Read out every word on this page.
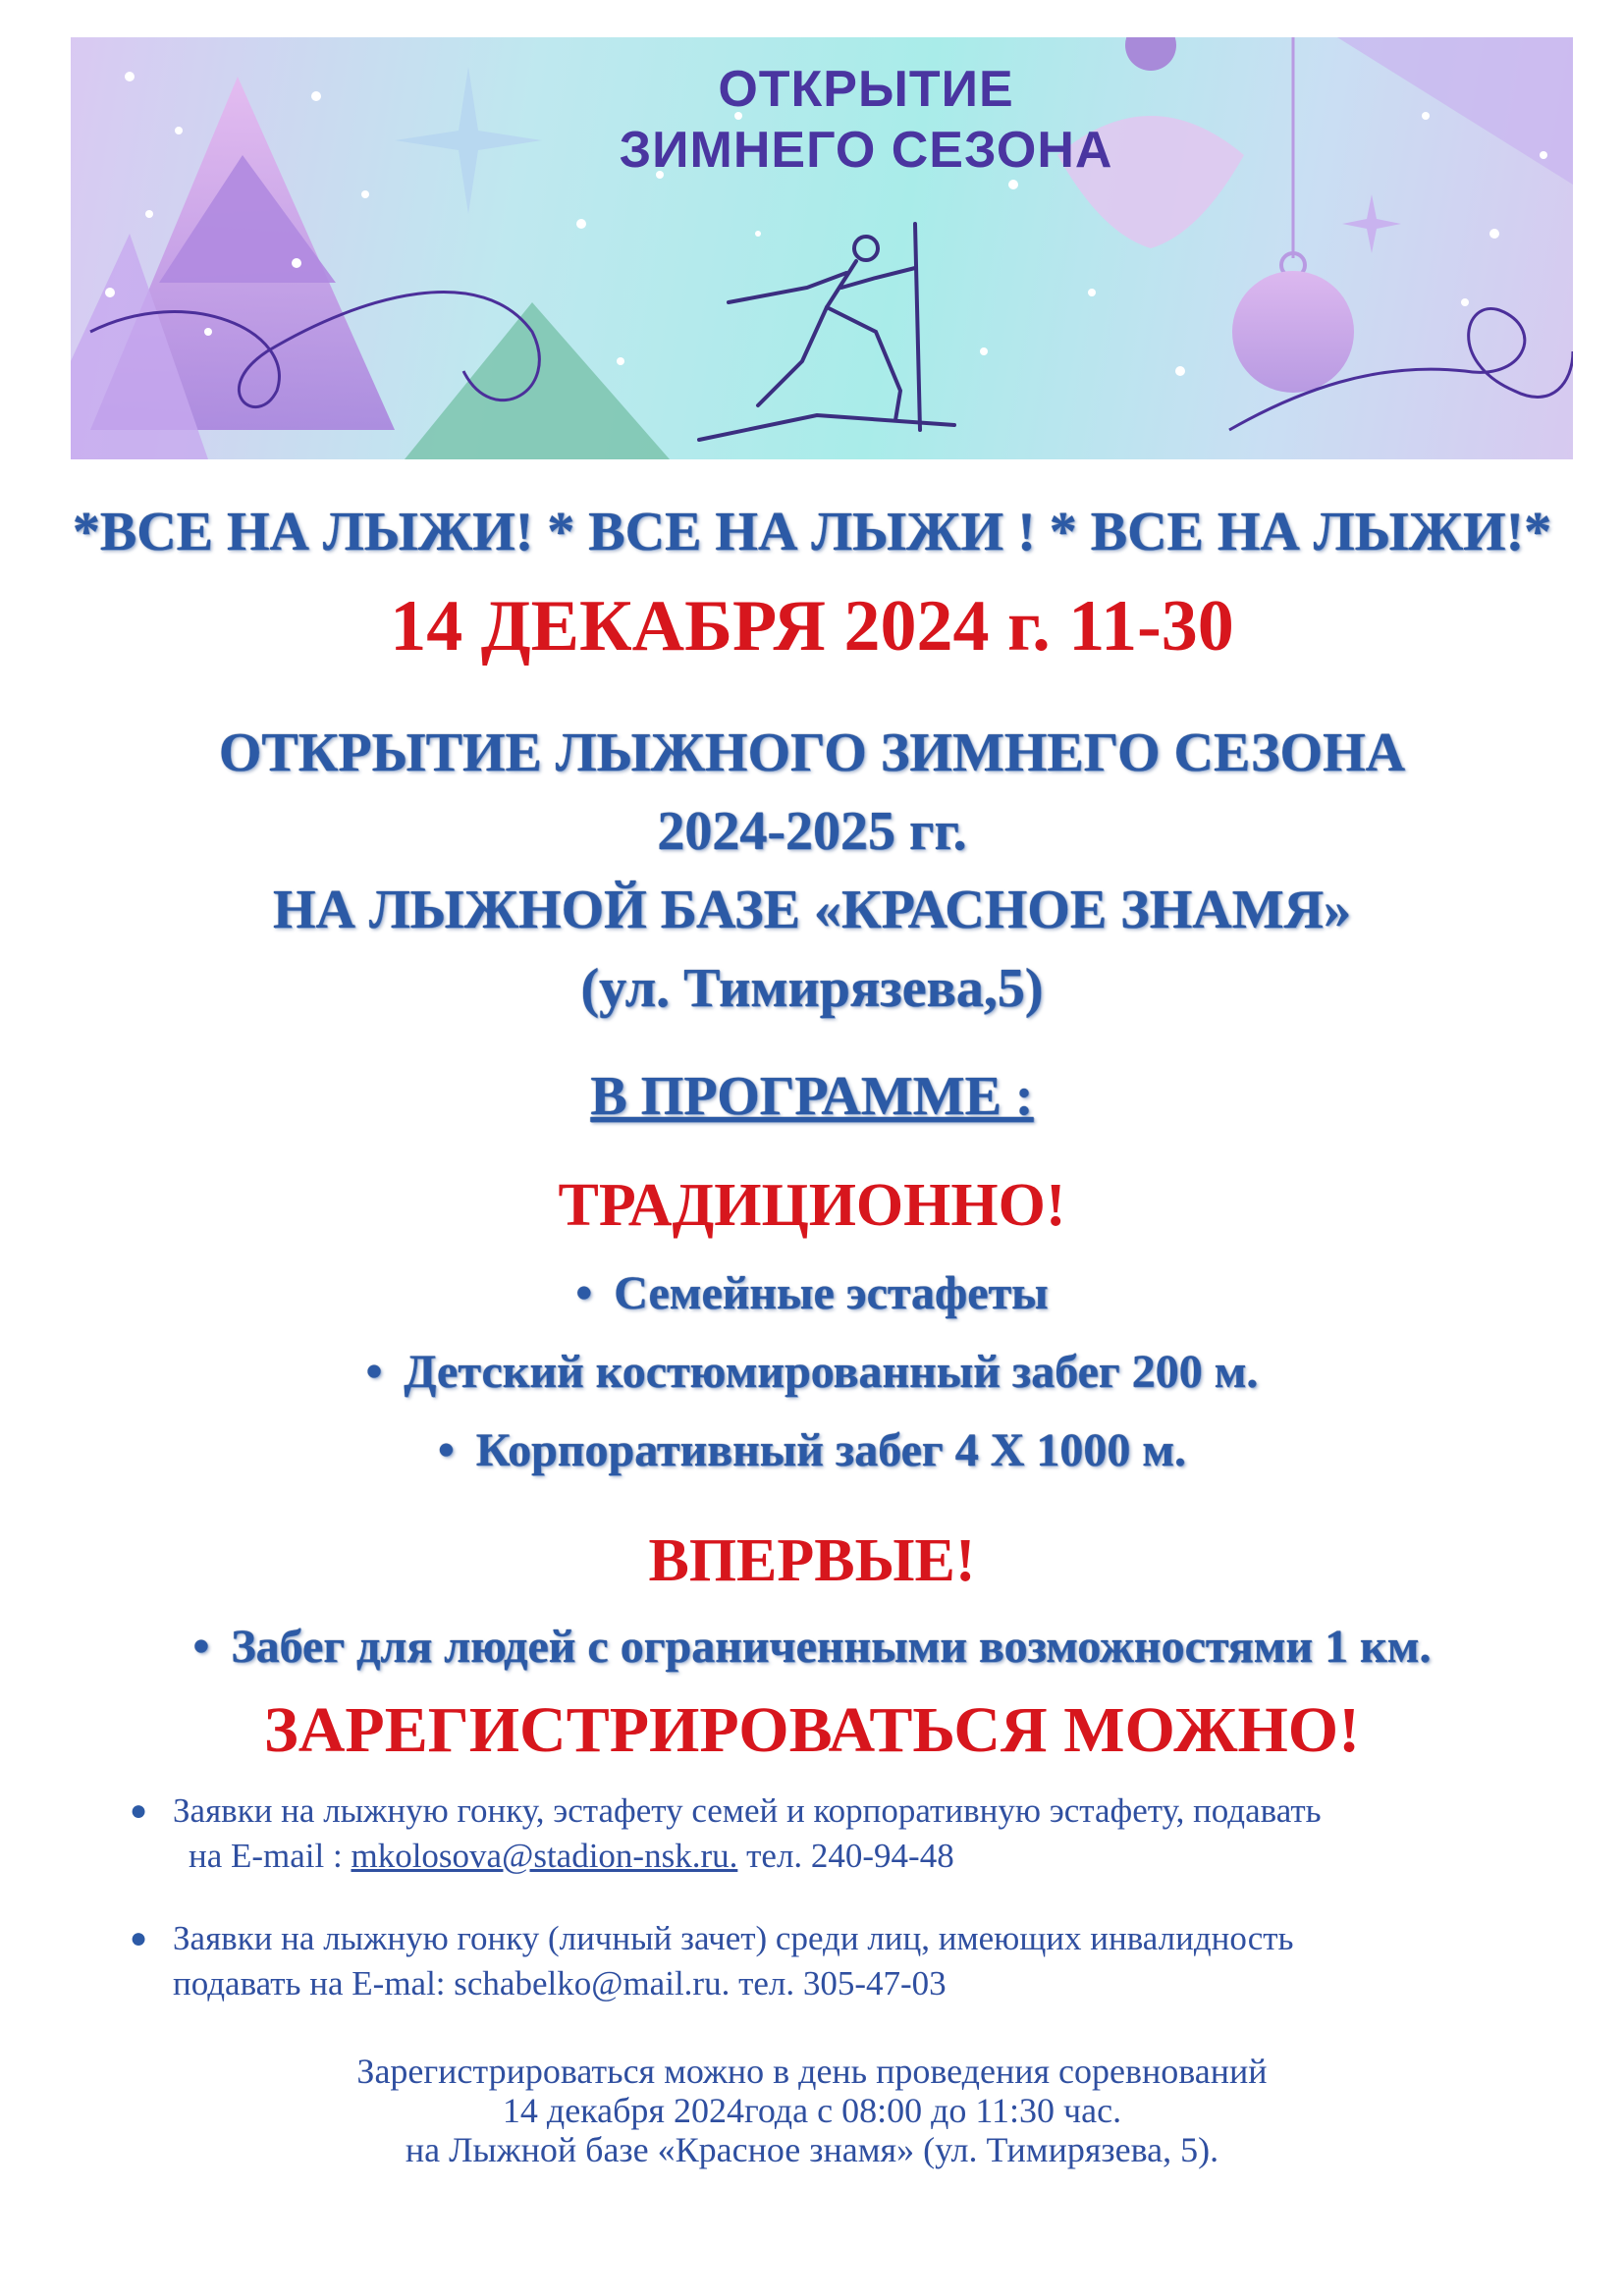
ОТКРЫТИЕ
ЗИМНЕГО СЕЗОНА
*ВСЕ НА ЛЫЖИ! * ВСЕ НА ЛЫЖИ ! * ВСЕ НА ЛЫЖИ!*
14 ДЕКАБРЯ 2024 г. 11-30
ОТКРЫТИЕ ЛЫЖНОГО ЗИМНЕГО СЕЗОНА
2024-2025 гг.
НА ЛЫЖНОЙ БАЗЕ «КРАСНОЕ ЗНАМЯ»
(ул. Тимирязева,5)
В ПРОГРАММЕ :
ТРАДИЦИОННО!
• Семейные эстафеты
• Детский костюмированный забег 200 м.
• Корпоративный забег 4 Х 1000 м.
ВПЕРВЫЕ!
• Забег для людей с ограниченными возможностями 1 км.
ЗАРЕГИСТРИРОВАТЬСЯ МОЖНО!
● Заявки на лыжную гонку, эстафету семей и корпоративную эстафету, подавать
на E-mail : mkolosova@stadion-nsk.ru. тел. 240-94-48
● Заявки на лыжную гонку (личный зачет) среди лиц, имеющих инвалидность
подавать на E-mal: schabelko@mail.ru. тел. 305-47-03
Зарегистрироваться можно в день проведения соревнований
14 декабря 2024года с 08:00 до 11:30 час.
на Лыжной базе «Красное знамя» (ул. Тимирязева, 5).
